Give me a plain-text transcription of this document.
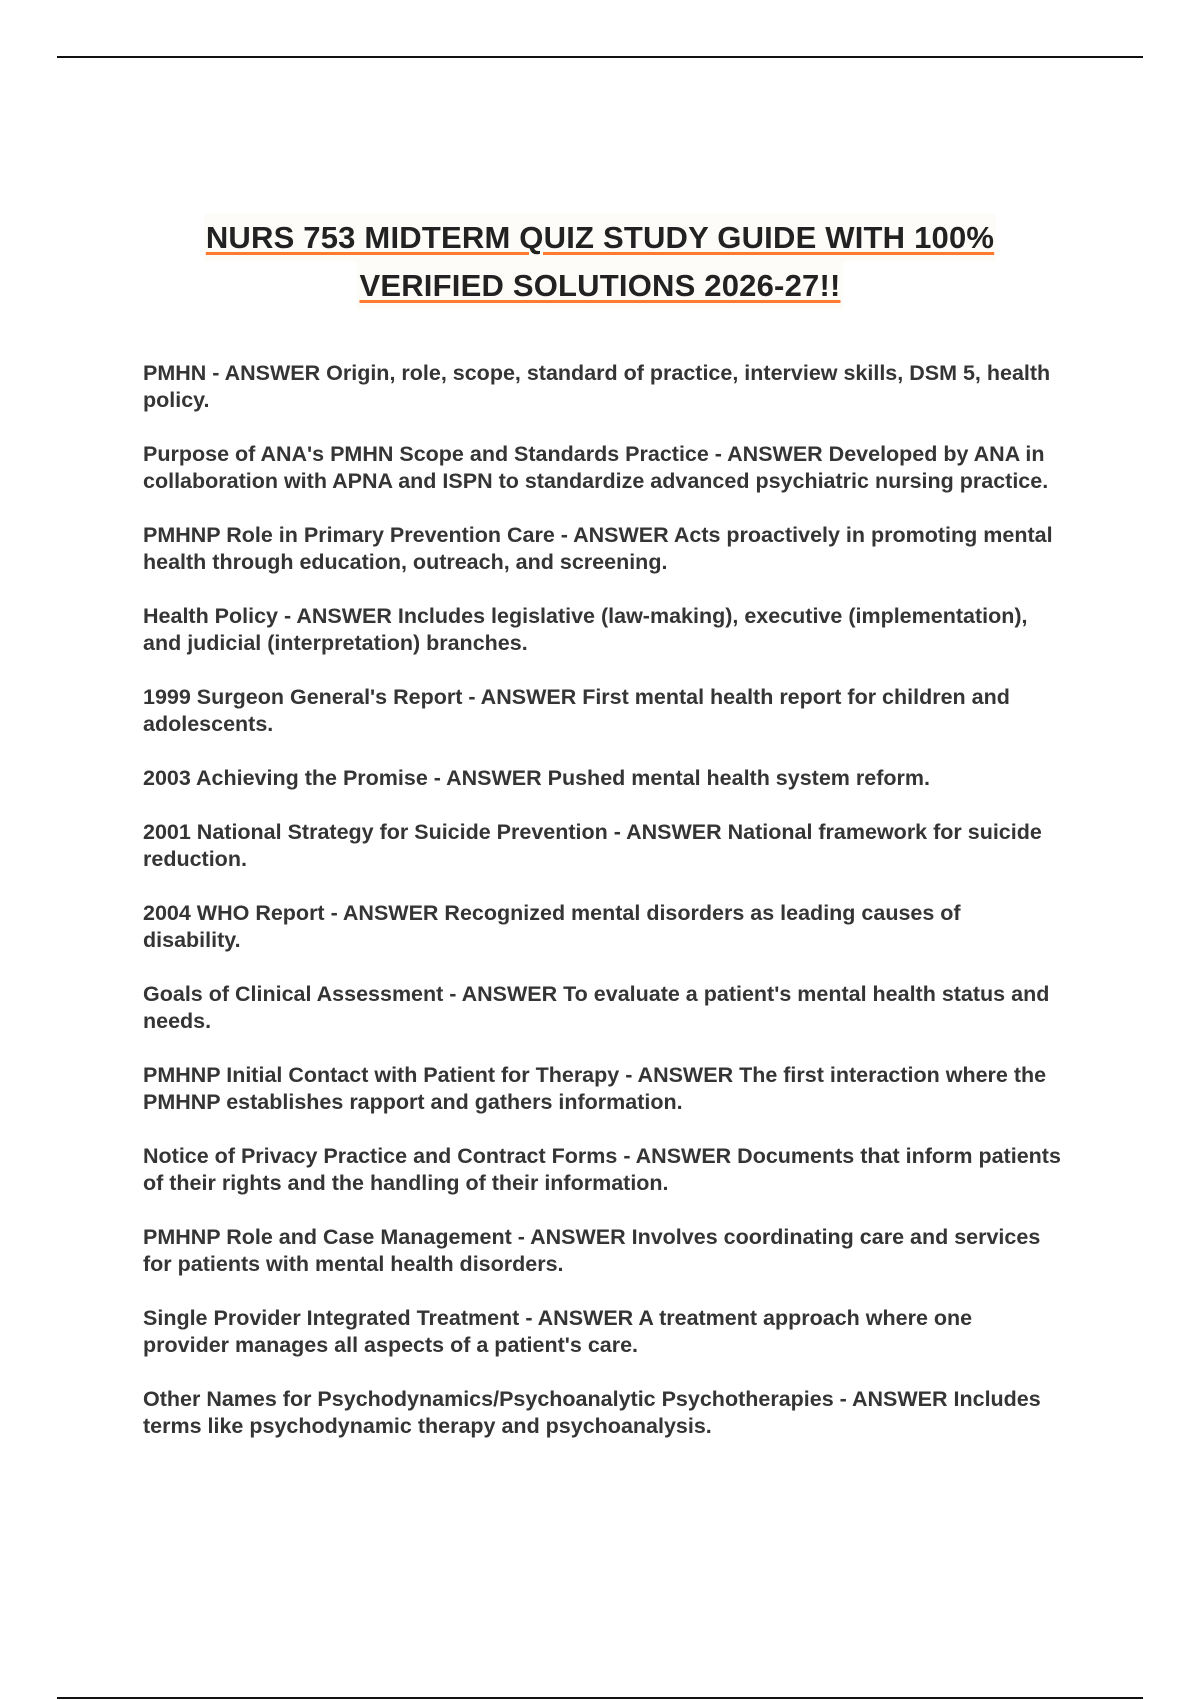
NURS 753 MIDTERM QUIZ STUDY GUIDE WITH 100%
VERIFIED SOLUTIONS 2026-27!!
PMHN - ANSWER Origin, role, scope, standard of practice, interview skills, DSM 5, health policy.
Purpose of ANA's PMHN Scope and Standards Practice - ANSWER Developed by ANA in collaboration with APNA and ISPN to standardize advanced psychiatric nursing practice.
PMHNP Role in Primary Prevention Care - ANSWER Acts proactively in promoting mental health through education, outreach, and screening.
Health Policy - ANSWER Includes legislative (law-making), executive (implementation), and judicial (interpretation) branches.
1999 Surgeon General's Report - ANSWER First mental health report for children and adolescents.
2003 Achieving the Promise - ANSWER Pushed mental health system reform.
2001 National Strategy for Suicide Prevention - ANSWER National framework for suicide reduction.
2004 WHO Report - ANSWER Recognized mental disorders as leading causes of disability.
Goals of Clinical Assessment - ANSWER To evaluate a patient's mental health status and needs.
PMHNP Initial Contact with Patient for Therapy - ANSWER The first interaction where the PMHNP establishes rapport and gathers information.
Notice of Privacy Practice and Contract Forms - ANSWER Documents that inform patients of their rights and the handling of their information.
PMHNP Role and Case Management - ANSWER Involves coordinating care and services for patients with mental health disorders.
Single Provider Integrated Treatment - ANSWER A treatment approach where one provider manages all aspects of a patient's care.
Other Names for Psychodynamics/Psychoanalytic Psychotherapies - ANSWER Includes terms like psychodynamic therapy and psychoanalysis.
